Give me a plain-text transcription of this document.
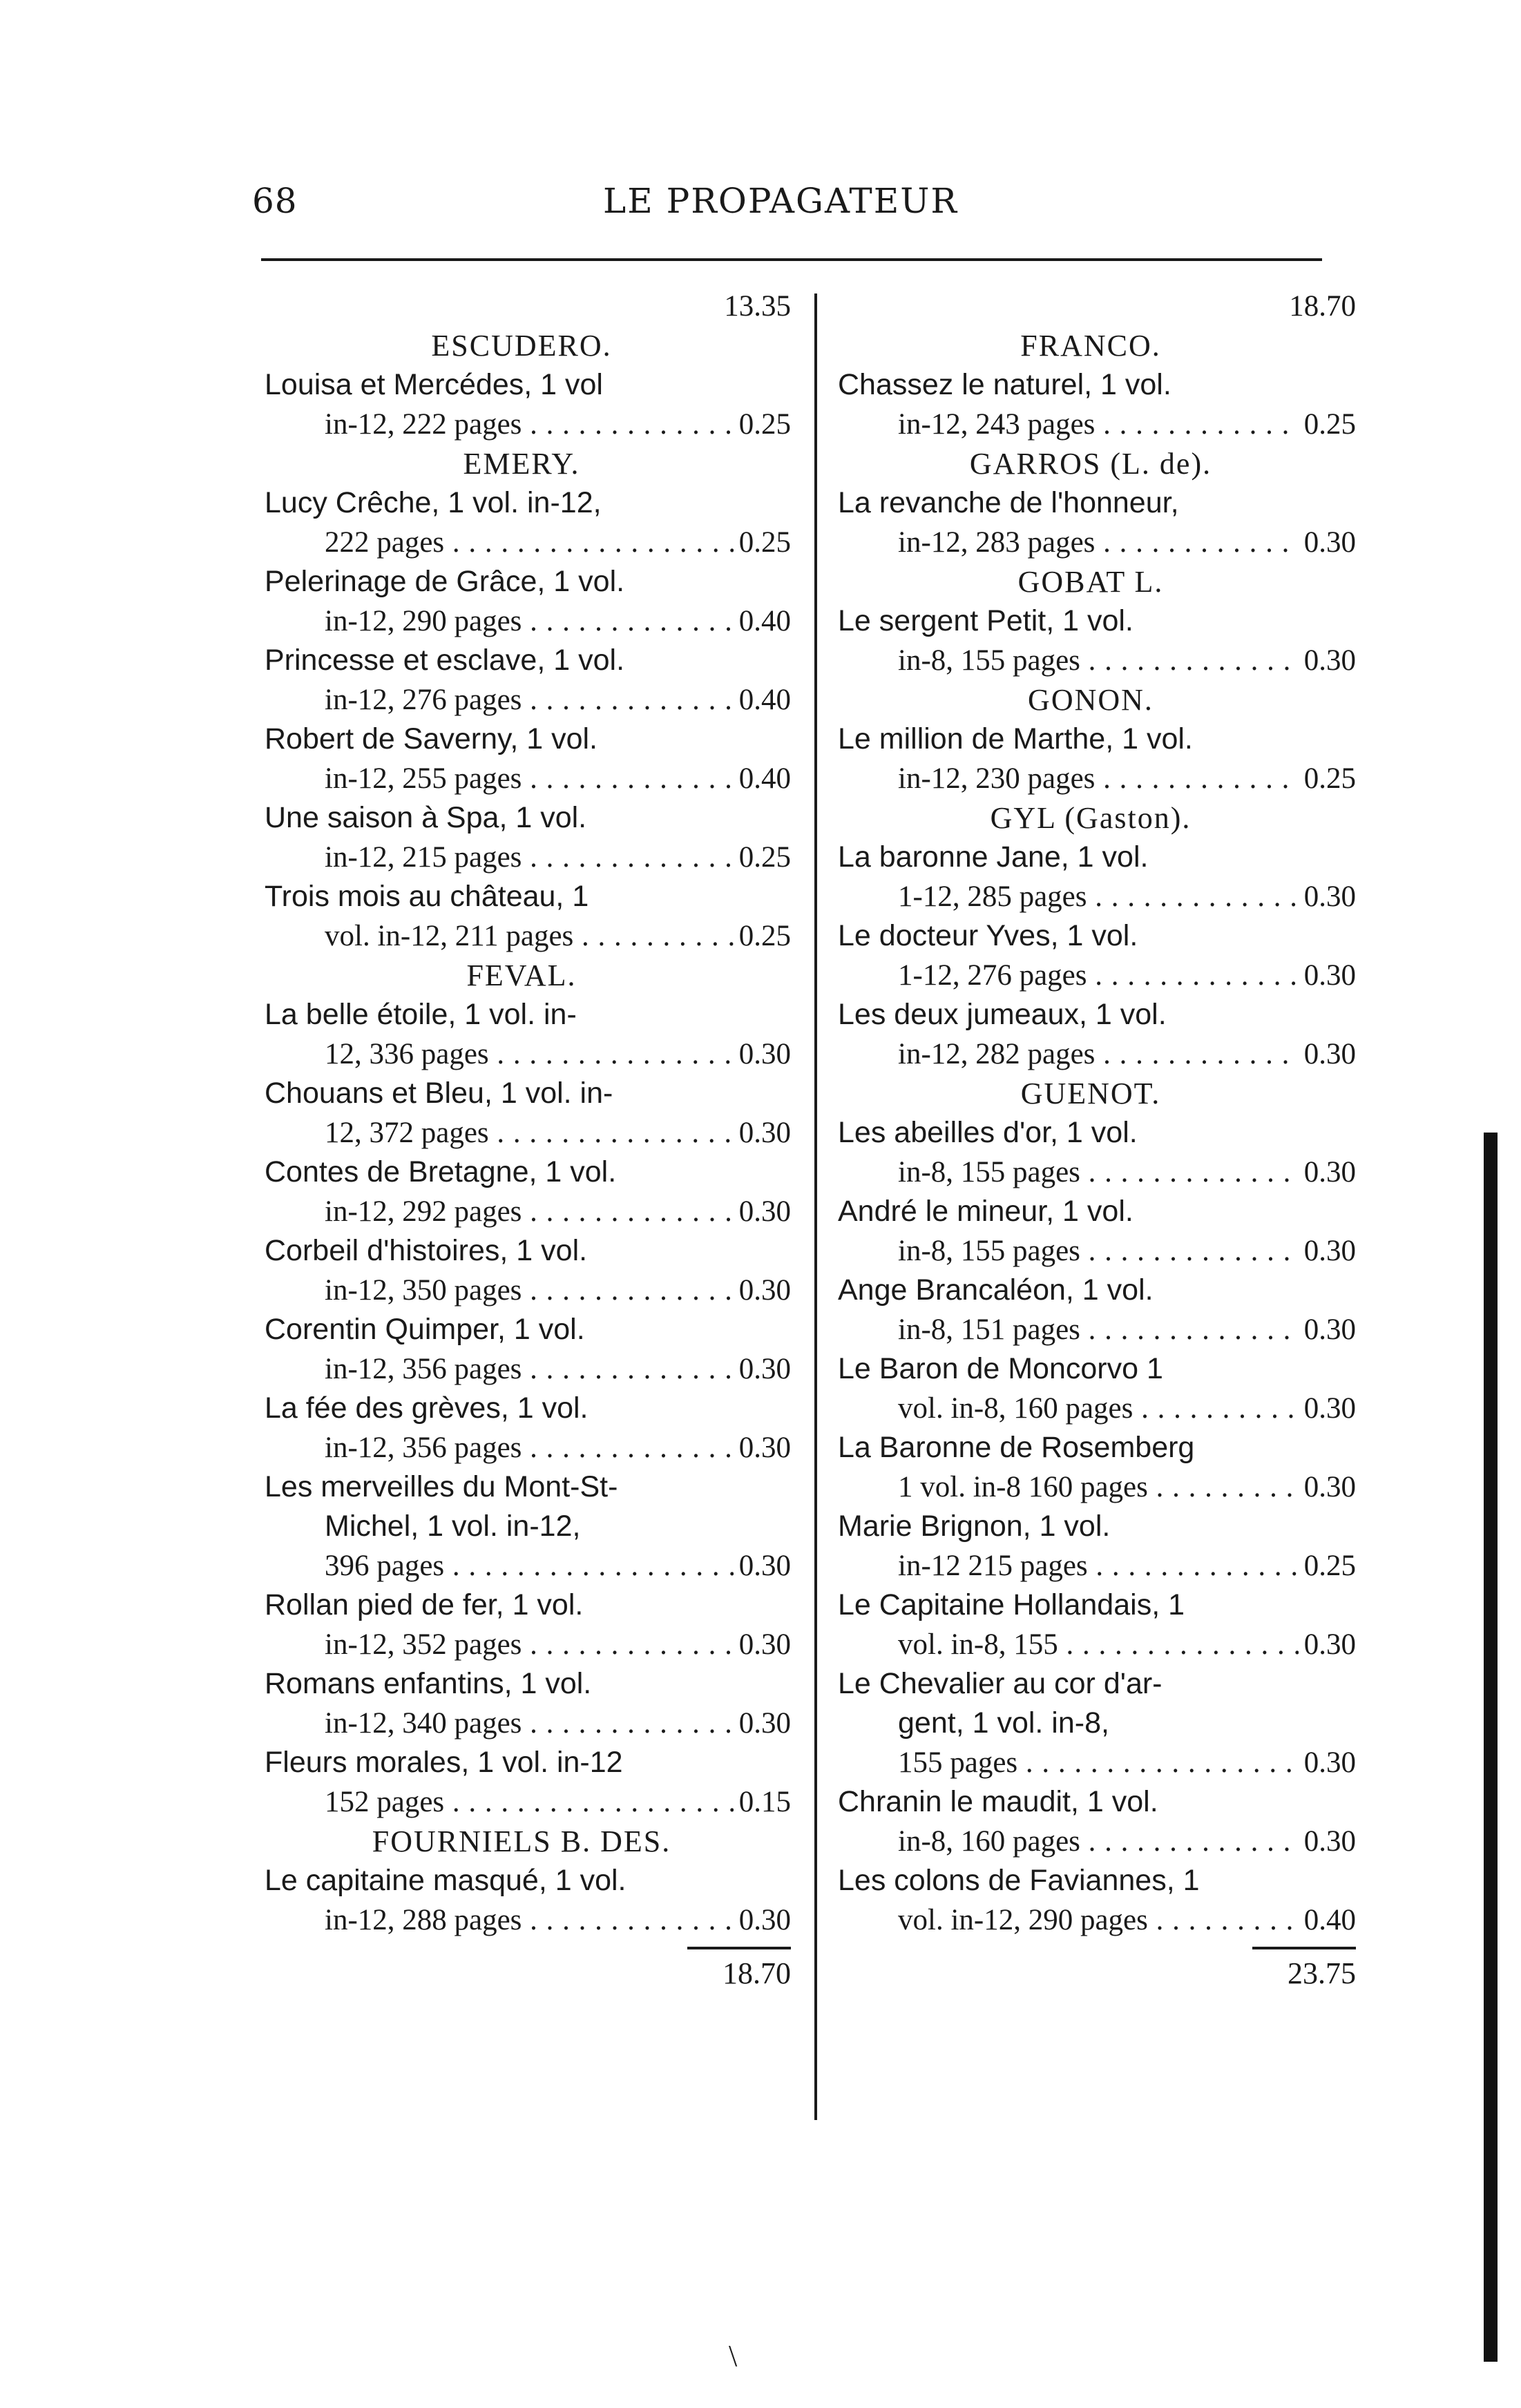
68	LE PROPAGATEUR
13.35
ESCUDERO.
Louisa et Mercédes, 1 vol
in-12, 222 pages . . .	0.25
EMERY.
Lucy Crêche, 1 vol. in-12,
222 pages . . .	0.25
Pelerinage de Grâce, 1 vol.
in-12, 290 pages . . .	0.40
Princesse et esclave, 1 vol.
in-12, 276 pages . . .	0.40
Robert de Saverny, 1 vol.
in-12, 255 pages . . .	0.40
Une saison à Spa, 1 vol.
in-12, 215 pages . . .	0.25
Trois mois au château, 1
vol. in-12, 211 pages . . .	0.25
FEVAL.
La belle étoile, 1 vol. in-
12, 336 pages . . .	0.30
Chouans et Bleu, 1 vol. in-
12, 372 pages . . .	0.30
Contes de Bretagne, 1 vol.
in-12, 292 pages . . .	0.30
Corbeil d'histoires, 1 vol.
in-12, 350 pages . . .	0.30
Corentin Quimper, 1 vol.
in-12, 356 pages . . .	0.30
La fée des grèves, 1 vol.
in-12, 356 pages . . .	0.30
Les merveilles du Mont-St-
Michel, 1 vol. in-12,
396 pages . . .	0.30
Rollan pied de fer, 1 vol.
in-12, 352 pages . . .	0.30
Romans enfantins, 1 vol.
in-12, 340 pages . . .	0.30
Fleurs morales, 1 vol. in-12
152 pages . . .	0.15
FOURNIELS B. DES.
Le capitaine masqué, 1 vol.
in-12, 288 pages . . .	0.30
18.70
18.70
FRANCO.
Chassez le naturel, 1 vol.
in-12, 243 pages . . .	0.25
GARROS (L. de).
La revanche de l'honneur,
in-12, 283 pages . . .	0.30
GOBAT L.
Le sergent Petit, 1 vol.
in-8, 155 pages . . .	0.30
GONON.
Le million de Marthe, 1 vol.
in-12, 230 pages . . .	0.25
GYL (Gaston).
La baronne Jane, 1 vol.
1-12, 285 pages . . .	0.30
Le docteur Yves, 1 vol.
1-12, 276 pages . . .	0.30
Les deux jumeaux, 1 vol.
in-12, 282 pages . . .	0.30
GUENOT.
Les abeilles d'or, 1 vol.
in-8, 155 pages . . .	0.30
André le mineur, 1 vol.
in-8, 155 pages . . .	0.30
Ange Brancaléon, 1 vol.
in-8, 151 pages . . .	0.30
Le Baron de Moncorvo 1
vol. in-8, 160 pages . . .	0.30
La Baronne de Rosemberg
1 vol. in-8 160 pages . . .	0.30
Marie Brignon, 1 vol.
in-12 215 pages . . .	0.25
Le Capitaine Hollandais, 1
vol. in-8, 155 . . .	0.30
Le Chevalier au cor d'ar-
gent, 1 vol. in-8,
155 pages . . .	0.30
Chranin le maudit, 1 vol.
in-8, 160 pages . . .	0.30
Les colons de Faviannes, 1
vol. in-12, 290 pages . . .	0.40
23.75
\
